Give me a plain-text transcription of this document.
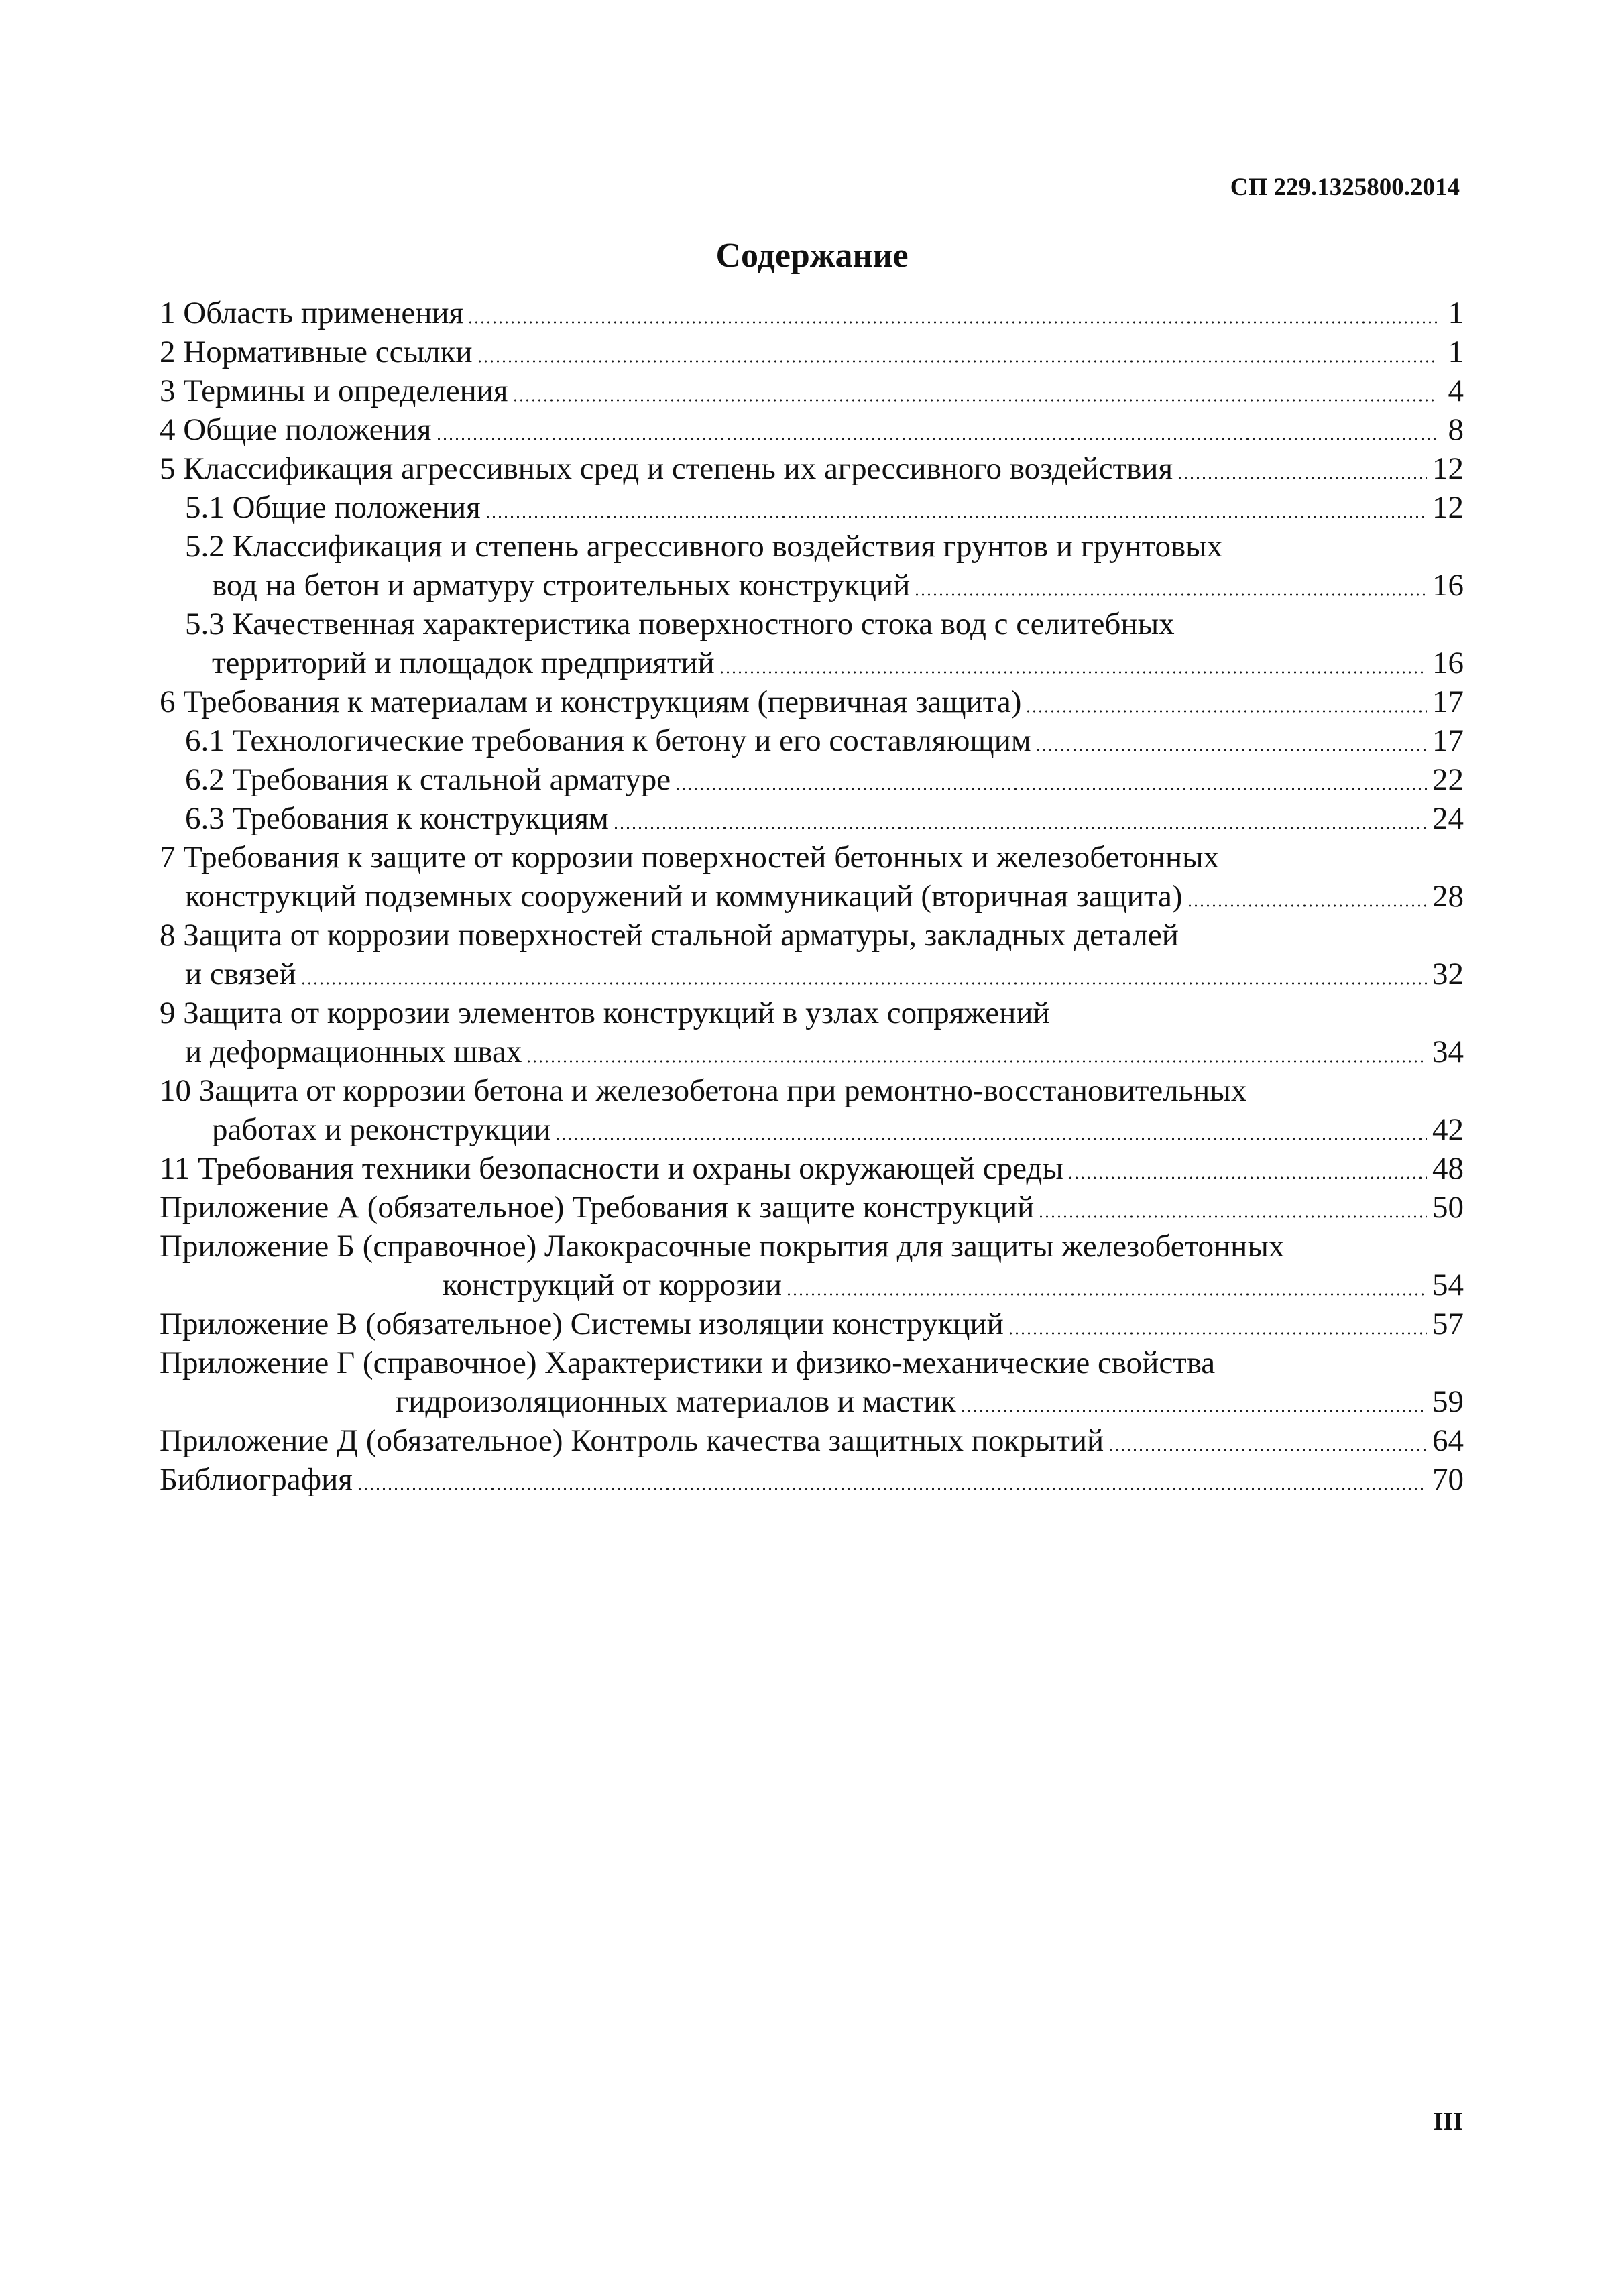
СП 229.1325800.2014
Содержание
1 Область применения	1
2 Нормативные ссылки	1
3 Термины и определения	4
4 Общие положения	8
5 Классификация агрессивных сред и степень их агрессивного воздействия	12
5.1 Общие положения	12
5.2 Классификация и степень агрессивного воздействия грунтов и грунтовых
вод на бетон и арматуру строительных конструкций	16
5.3 Качественная характеристика поверхностного стока вод с селитебных
территорий и площадок предприятий	16
6 Требования к материалам и конструкциям (первичная защита)	17
6.1 Технологические требования к бетону и его составляющим	17
6.2 Требования к стальной арматуре	22
6.3 Требования к конструкциям	24
7 Требования к защите от коррозии поверхностей бетонных и железобетонных
конструкций подземных сооружений и коммуникаций (вторичная защита)	28
8 Защита от коррозии поверхностей стальной арматуры, закладных деталей
и связей	32
9 Защита от коррозии элементов конструкций в узлах сопряжений
и деформационных швах	34
10 Защита от коррозии бетона и железобетона при ремонтно-восстановительных
работах и реконструкции	42
11 Требования техники безопасности и охраны окружающей среды	48
Приложение А (обязательное) Требования к защите конструкций	50
Приложение Б (справочное) Лакокрасочные покрытия для защиты железобетонных
конструкций от коррозии	54
Приложение В (обязательное) Системы изоляции конструкций	57
Приложение Г (справочное) Характеристики и физико-механические свойства
гидроизоляционных материалов и мастик	59
Приложение Д (обязательное) Контроль качества защитных покрытий	64
Библиография	70
III
